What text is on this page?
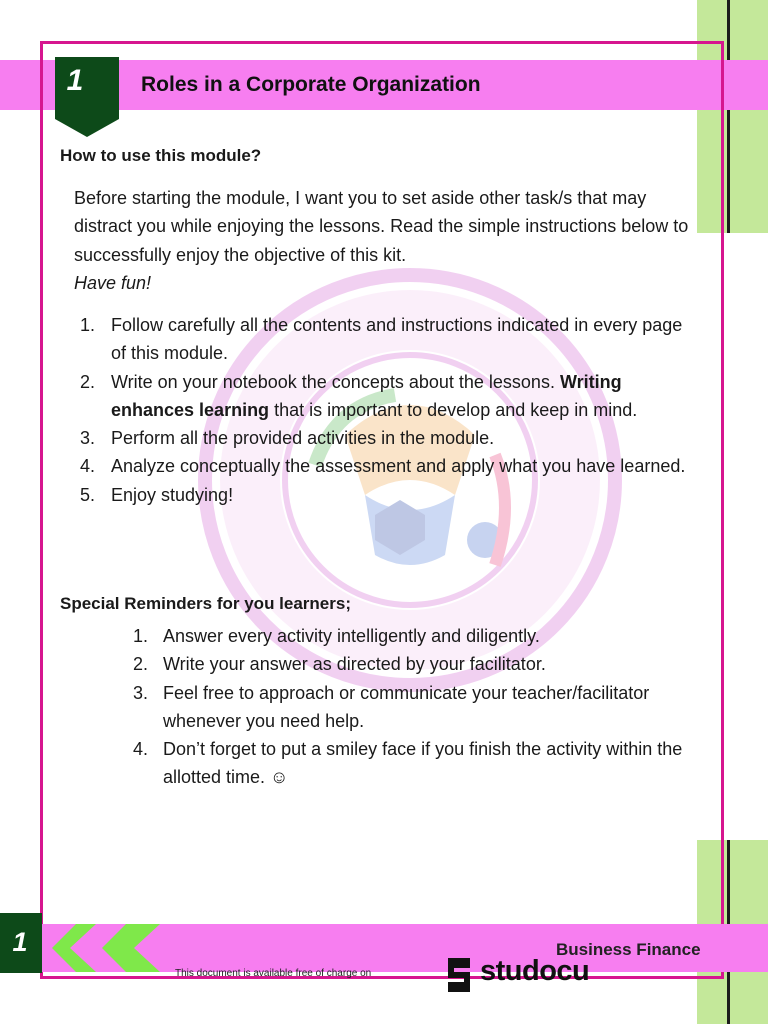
1	Roles in a Corporate Organization
How to use this module?
Before starting the module, I want you to set aside other task/s that may distract you while enjoying the lessons. Read the simple instructions below to successfully enjoy the objective of this kit.
Have fun!
1. Follow carefully all the contents and instructions indicated in every page of this module.
2. Write on your notebook the concepts about the lessons. Writing enhances learning that is important to develop and keep in mind.
3. Perform all the provided activities in the module.
4. Analyze conceptually the assessment and apply what you have learned.
5. Enjoy studying!
Special Reminders for you learners;
1. Answer every activity intelligently and diligently.
2. Write your answer as directed by your facilitator.
3. Feel free to approach or communicate your teacher/facilitator whenever you need help.
4. Don’t forget to put a smiley face if you finish the activity within the allotted time. ☺
1	Business Finance
This document is available free of charge on	studocu
